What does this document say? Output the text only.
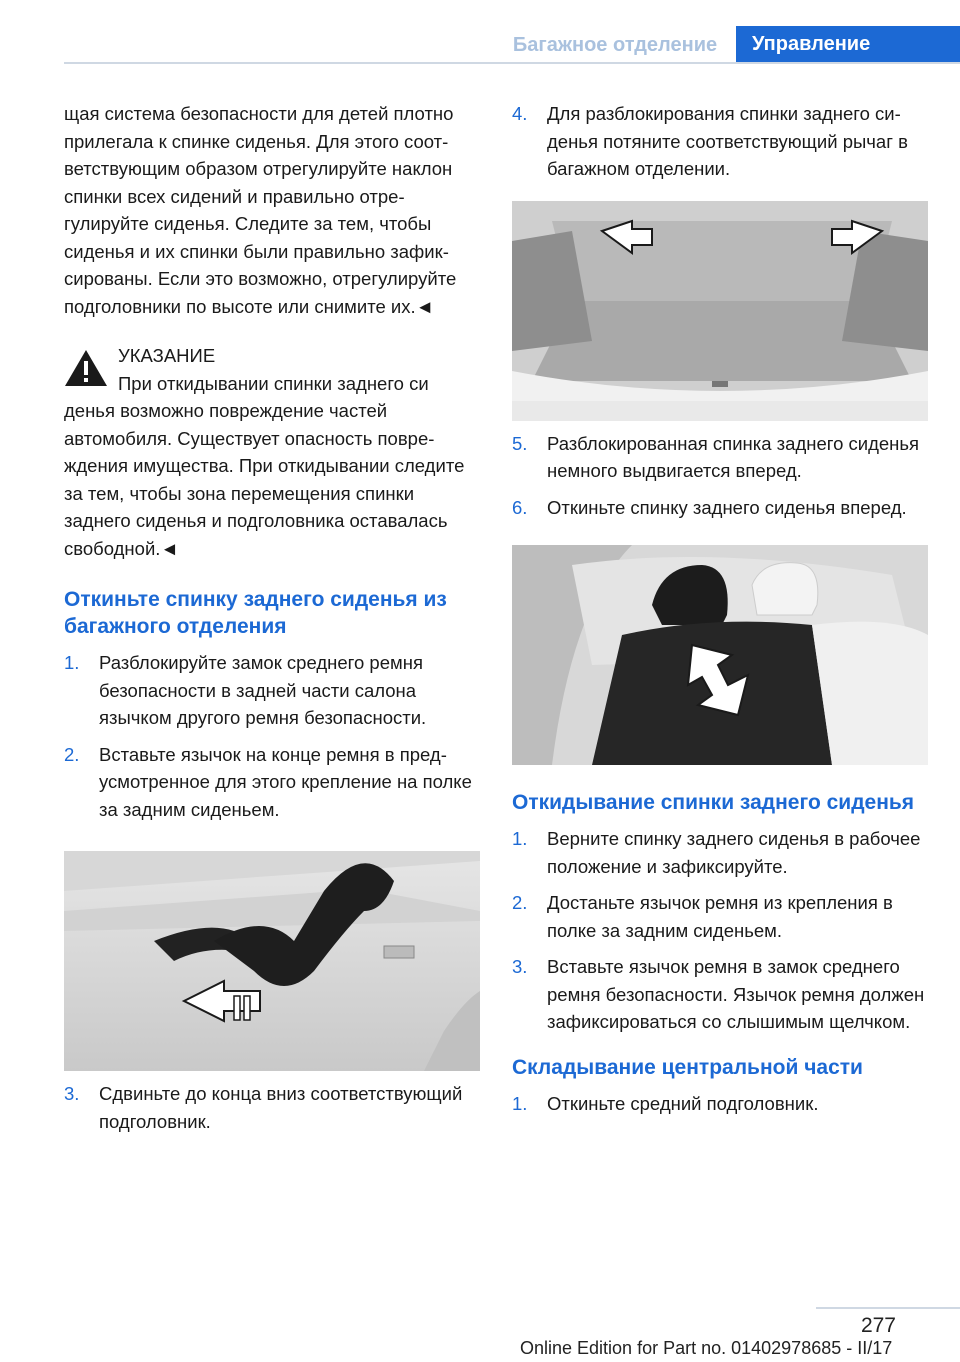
Багажное отделение	Управление

щая система безопасности для детей плотно прилегала к спинке сиденья. Для этого соответствующим образом отрегулируйте наклон спинки всех сидений и правильно отрегулируйте сиденья. Следите за тем, чтобы сиденья и их спинки были правильно зафиксированы. Если это возможно, отрегулируйте подголовники по высоте или снимите их.◄

УКАЗАНИЕ
При откидывании спинки заднего си

денья возможно повреждение частей автомобиля. Существует опасность повреждения имущества. При откидывании следите за тем, чтобы зона перемещения спинки заднего сиденья и подголовника оставалась свободной.◄

Откиньте спинку заднего сиденья из багажного отделения
1. Разблокируйте замок среднего ремня безопасности в задней части салона язычком другого ремня безопасности.
2. Вставьте язычок на конце ремня в предусмотренное для этого крепление на полке за задним сиденьем.
3. Сдвиньте до конца вниз соответствующий подголовник.
4. Для разблокирования спинки заднего сиденья потяните соответствующий рычаг в багажном отделении.
5. Разблокированная спинка заднего сиденья немного выдвигается вперед.
6. Откиньте спинку заднего сиденья вперед.
Откидывание спинки заднего сиденья
1. Верните спинку заднего сиденья в рабочее положение и зафиксируйте.
2. Достаньте язычок ремня из крепления в полке за задним сиденьем.
3. Вставьте язычок ремня в замок среднего ремня безопасности. Язычок ремня должен зафиксироваться со слышимым щелчком.
Складывание центральной части
1. Откиньте средний подголовник.
277
Online Edition for Part no. 01402978685 - II/17
